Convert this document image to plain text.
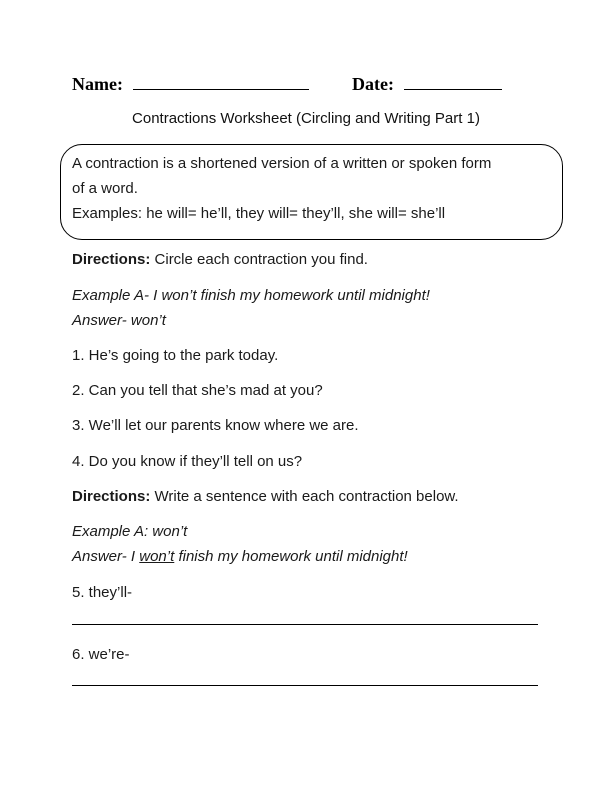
Name:	Date:
Contractions Worksheet (Circling and Writing Part 1)
A contraction is a shortened version of a written or spoken form
of a word.
Examples: he will= he’ll, they will= they’ll, she will= she’ll
Directions: Circle each contraction you find.
Example A- I won’t finish my homework until midnight!
Answer- won’t
1. He’s going to the park today.
2. Can you tell that she’s mad at you?
3. We’ll let our parents know where we are.
4. Do you know if they’ll tell on us?
Directions: Write a sentence with each contraction below.
Example A: won’t
Answer- I won’t finish my homework until midnight!
5. they’ll-
6. we’re-
